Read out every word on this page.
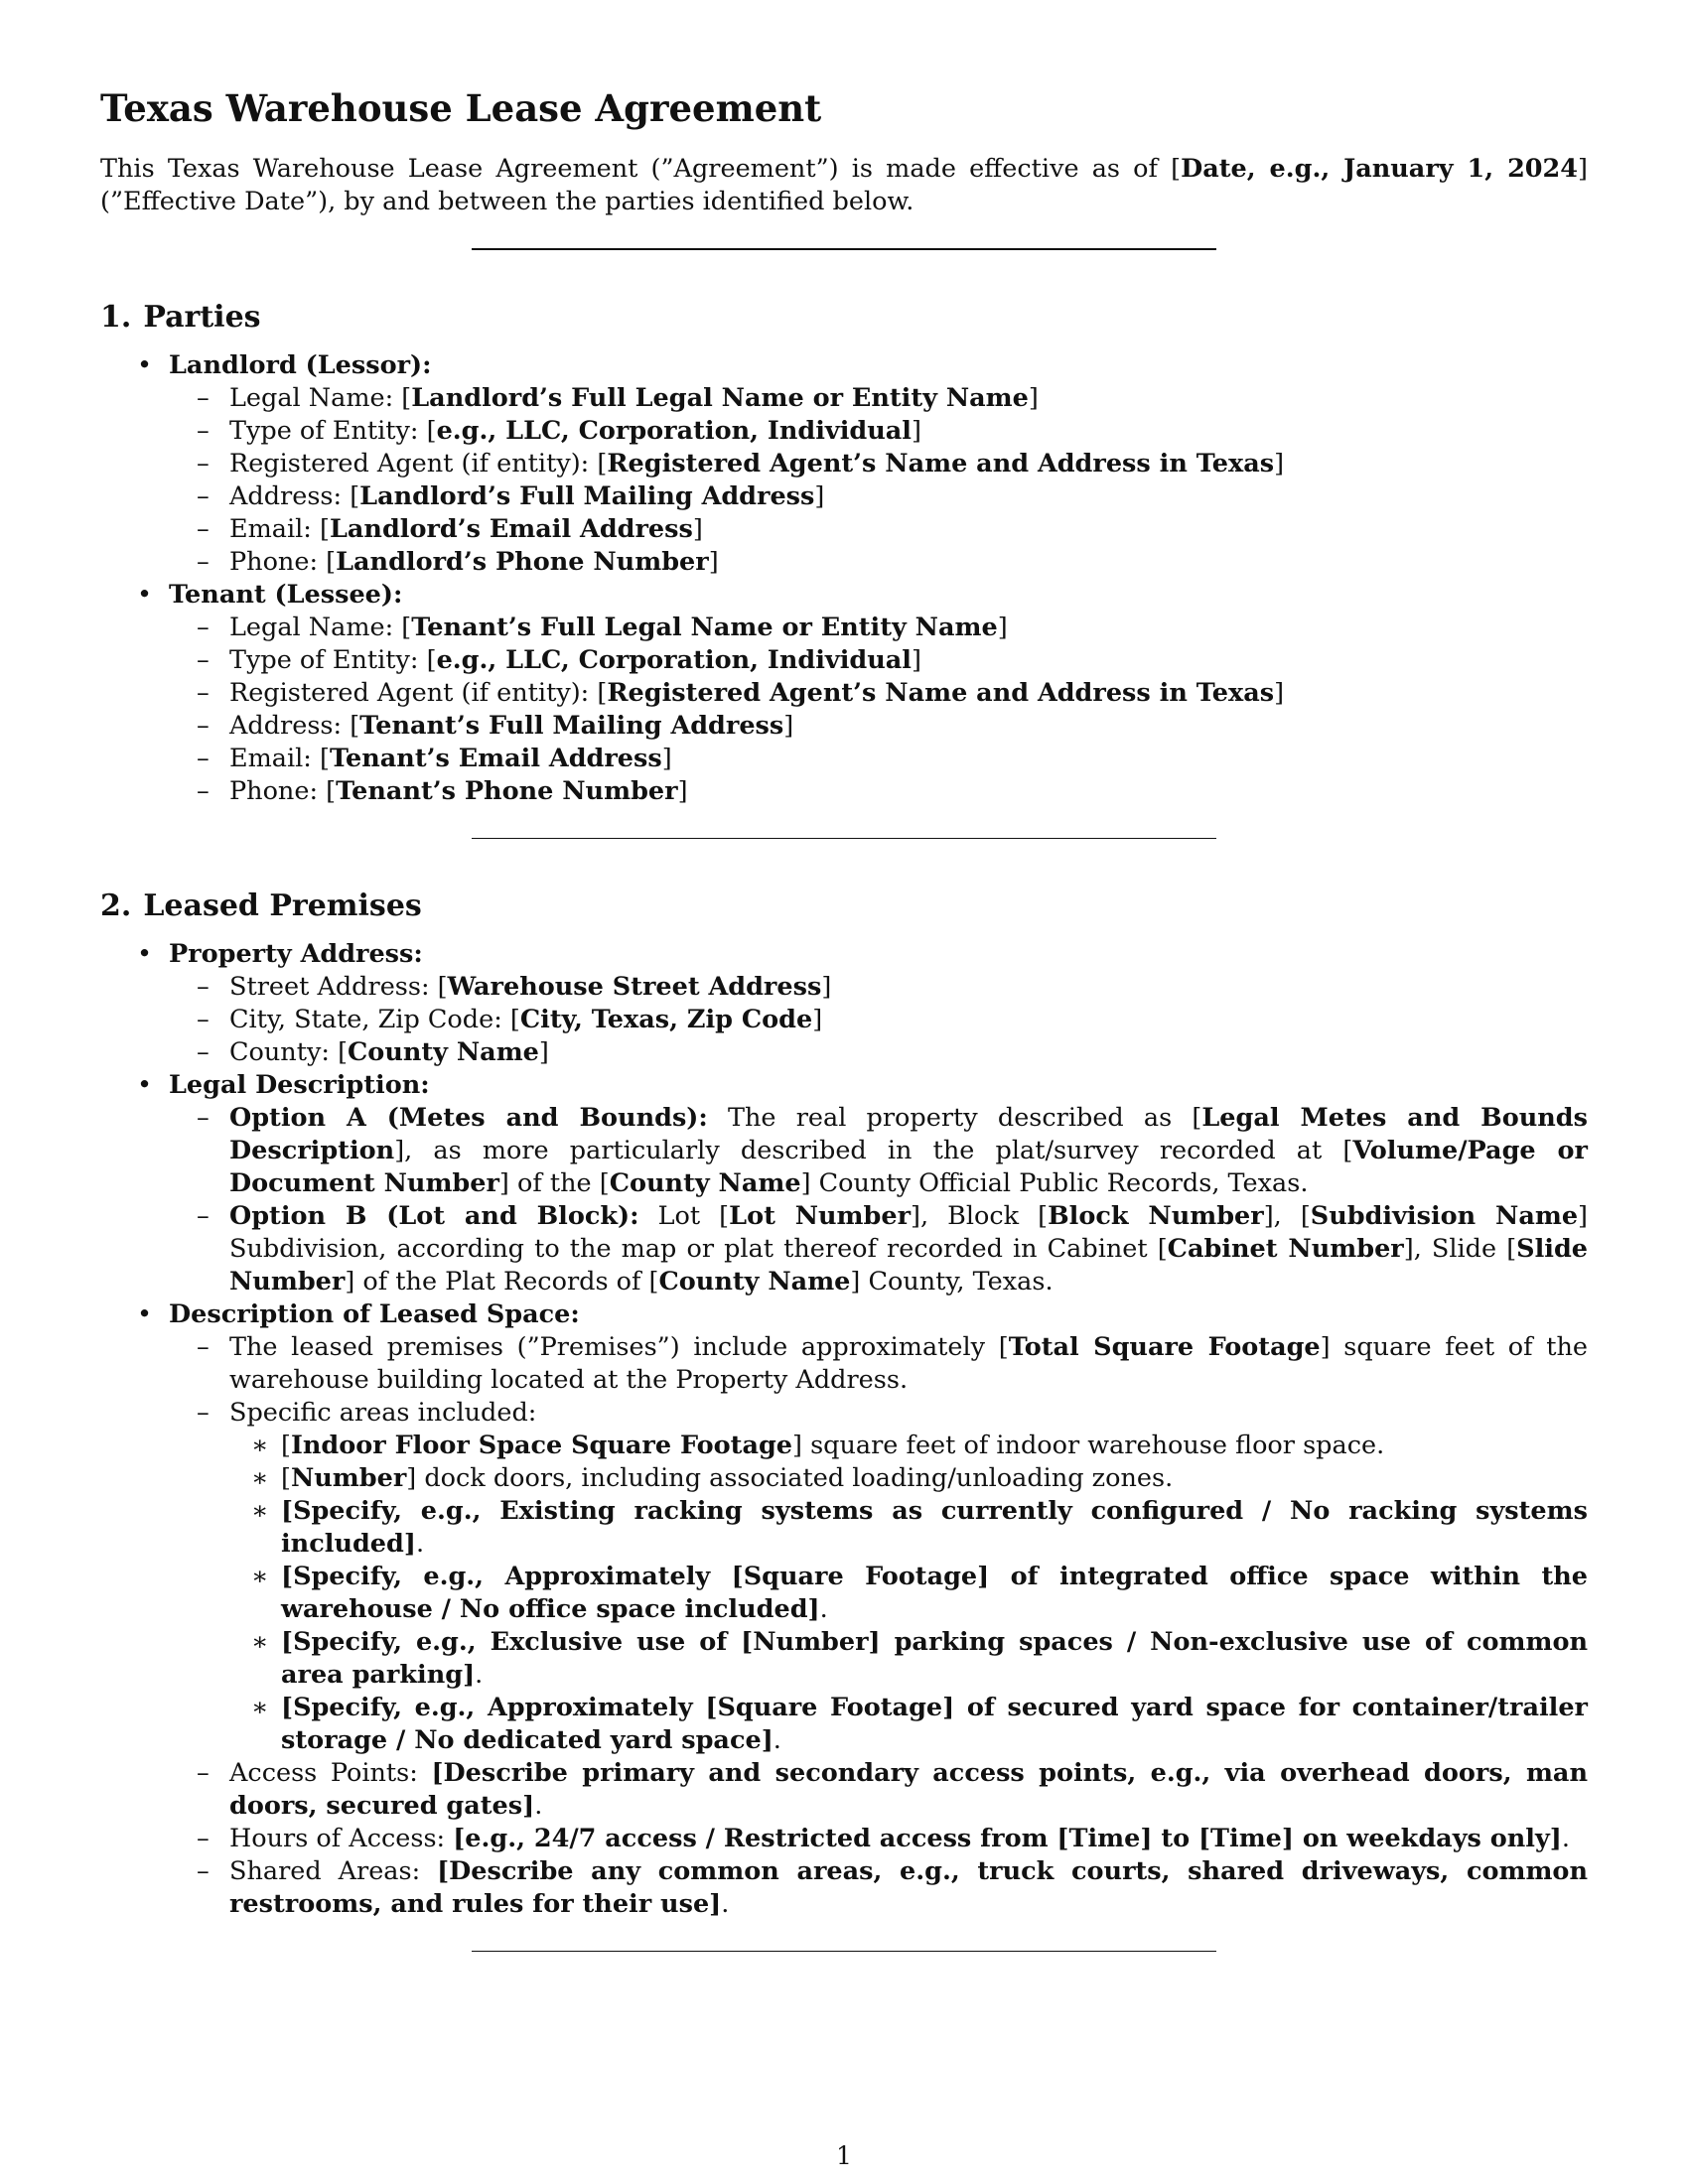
Texas Warehouse Lease Agreement

This Texas Warehouse Lease Agreement (”Agreement”) is made effective as of [Date, e.g., January 1, 2024] (”Effective Date”), by and between the parties identified below.

1. Parties
• Landlord (Lessor):
– Legal Name: [Landlord’s Full Legal Name or Entity Name]
– Type of Entity: [e.g., LLC, Corporation, Individual]
– Registered Agent (if entity): [Registered Agent’s Name and Address in Texas]
– Address: [Landlord’s Full Mailing Address]
– Email: [Landlord’s Email Address]
– Phone: [Landlord’s Phone Number]
• Tenant (Lessee):
– Legal Name: [Tenant’s Full Legal Name or Entity Name]
– Type of Entity: [e.g., LLC, Corporation, Individual]
– Registered Agent (if entity): [Registered Agent’s Name and Address in Texas]
– Address: [Tenant’s Full Mailing Address]
– Email: [Tenant’s Email Address]
– Phone: [Tenant’s Phone Number]
2. Leased Premises
• Property Address:
– Street Address: [Warehouse Street Address]
– City, State, Zip Code: [City, Texas, Zip Code]
– County: [County Name]
• Legal Description:
– Option A (Metes and Bounds): The real property described as [Legal Metes and Bounds Description], as more particularly described in the plat/survey recorded at [Volume/Page or Document Number] of the [County Name] County Official Public Records, Texas.
– Option B (Lot and Block): Lot [Lot Number], Block [Block Number], [Subdivision Name] Subdivision, according to the map or plat thereof recorded in Cabinet [Cabinet Number], Slide [Slide Number] of the Plat Records of [County Name] County, Texas.
• Description of Leased Space:
– The leased premises (”Premises”) include approximately [Total Square Footage] square feet of the warehouse building located at the Property Address.
– Specific areas included:
∗ [Indoor Floor Space Square Footage] square feet of indoor warehouse floor space.
∗ [Number] dock doors, including associated loading/unloading zones.
∗ [Specify, e.g., Existing racking systems as currently configured / No racking systems included].
∗ [Specify, e.g., Approximately [Square Footage] of integrated office space within the warehouse / No office space included].
∗ [Specify, e.g., Exclusive use of [Number] parking spaces / Non-exclusive use of common area parking].
∗ [Specify, e.g., Approximately [Square Footage] of secured yard space for container/trailer storage / No dedicated yard space].
– Access Points: [Describe primary and secondary access points, e.g., via overhead doors, man doors, secured gates].
– Hours of Access: [e.g., 24/7 access / Restricted access from [Time] to [Time] on weekdays only].
– Shared Areas: [Describe any common areas, e.g., truck courts, shared driveways, common restrooms, and rules for their use].
1
